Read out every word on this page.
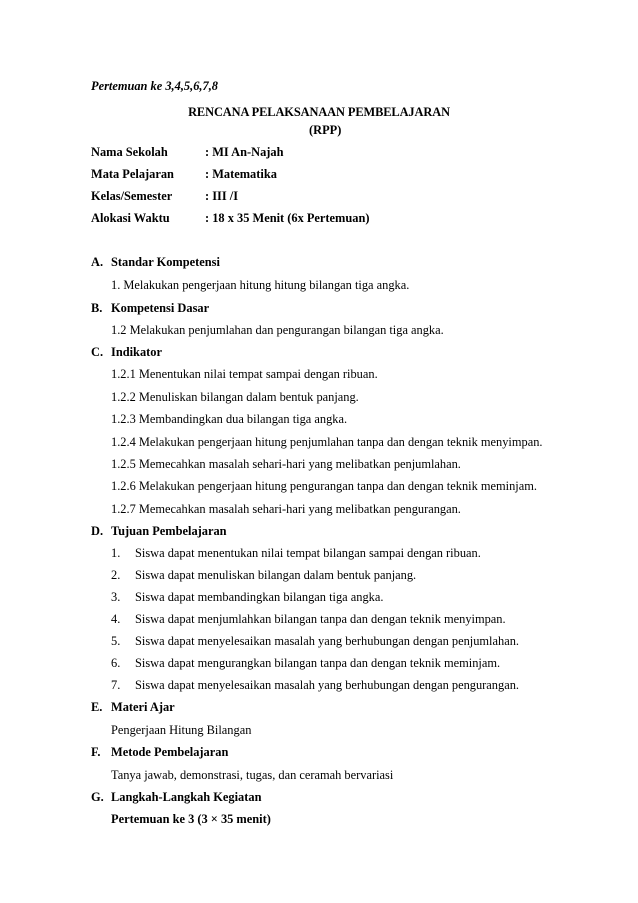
Pertemuan ke 3,4,5,6,7,8
RENCANA PELAKSANAAN PEMBELAJARAN
(RPP)
Nama Sekolah	: MI An-Najah
Mata Pelajaran	: Matematika
Kelas/Semester	: III /I
Alokasi Waktu	: 18 x 35 Menit (6x Pertemuan)
A. Standar Kompetensi
1. Melakukan pengerjaan hitung hitung bilangan tiga angka.
B. Kompetensi Dasar
1.2 Melakukan penjumlahan dan pengurangan bilangan tiga angka.
C. Indikator
1.2.1 Menentukan nilai tempat sampai dengan ribuan.
1.2.2 Menuliskan bilangan dalam bentuk panjang.
1.2.3 Membandingkan dua bilangan tiga angka.
1.2.4 Melakukan pengerjaan hitung penjumlahan tanpa dan dengan teknik menyimpan.
1.2.5 Memecahkan masalah sehari-hari yang melibatkan penjumlahan.
1.2.6 Melakukan pengerjaan hitung pengurangan tanpa dan dengan teknik meminjam.
1.2.7 Memecahkan masalah sehari-hari yang melibatkan pengurangan.
D. Tujuan Pembelajaran
1.	Siswa dapat menentukan nilai tempat bilangan sampai dengan ribuan.
2.	Siswa dapat menuliskan bilangan dalam bentuk panjang.
3.	Siswa dapat membandingkan bilangan tiga angka.
4.	Siswa dapat menjumlahkan bilangan tanpa dan dengan teknik menyimpan.
5.	Siswa dapat menyelesaikan masalah yang berhubungan dengan penjumlahan.
6.	Siswa dapat mengurangkan bilangan tanpa dan dengan teknik meminjam.
7.	Siswa dapat menyelesaikan masalah yang berhubungan dengan pengurangan.
E. Materi Ajar
Pengerjaan Hitung Bilangan
F. Metode Pembelajaran
Tanya jawab, demonstrasi, tugas, dan ceramah bervariasi
G. Langkah-Langkah Kegiatan
Pertemuan ke 3 (3 × 35 menit)
